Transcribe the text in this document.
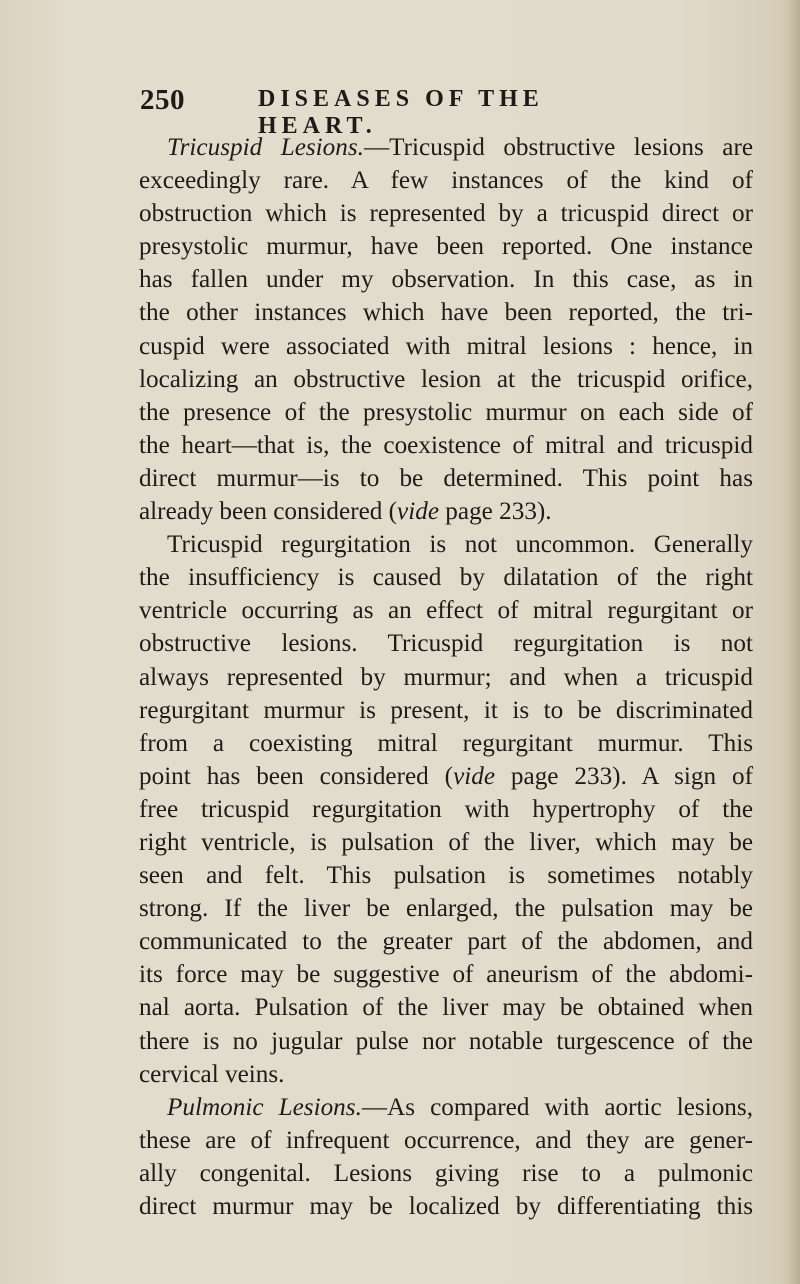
250	DISEASES OF THE HEART.
Tricuspid Lesions.—Tricuspid obstructive lesions are
exceedingly rare. A few instances of the kind of
obstruction which is represented by a tricuspid direct or
presystolic murmur, have been reported. One instance
has fallen under my observation. In this case, as in
the other instances which have been reported, the tri-
cuspid were associated with mitral lesions : hence, in
localizing an obstructive lesion at the tricuspid orifice,
the presence of the presystolic murmur on each side of
the heart—that is, the coexistence of mitral and tricuspid
direct murmur—is to be determined. This point has
already been considered (vide page 233).
Tricuspid regurgitation is not uncommon. Generally
the insufficiency is caused by dilatation of the right
ventricle occurring as an effect of mitral regurgitant or
obstructive lesions. Tricuspid regurgitation is not
always represented by murmur; and when a tricuspid
regurgitant murmur is present, it is to be discriminated
from a coexisting mitral regurgitant murmur. This
point has been considered (vide page 233). A sign of
free tricuspid regurgitation with hypertrophy of the
right ventricle, is pulsation of the liver, which may be
seen and felt. This pulsation is sometimes notably
strong. If the liver be enlarged, the pulsation may be
communicated to the greater part of the abdomen, and
its force may be suggestive of aneurism of the abdomi-
nal aorta. Pulsation of the liver may be obtained when
there is no jugular pulse nor notable turgescence of the
cervical veins.
Pulmonic Lesions.—As compared with aortic lesions,
these are of infrequent occurrence, and they are gener-
ally congenital. Lesions giving rise to a pulmonic
direct murmur may be localized by differentiating this
